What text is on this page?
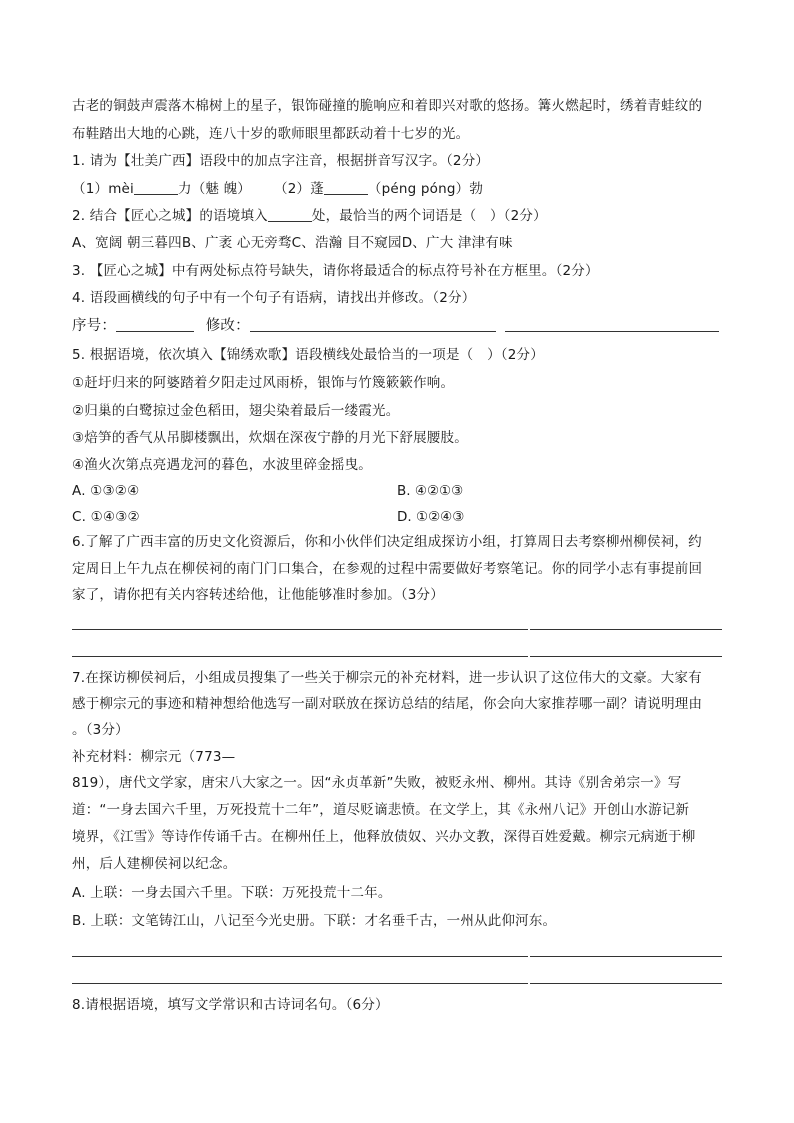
古老的铜鼓声震落木棉树上的星子，银饰碰撞的脆响应和着即兴对歌的悠扬。篝火燃起时，绣着青蛙纹的
布鞋踏出大地的心跳，连八十岁的歌师眼里都跃动着十七岁的光。
1. 请为【壮美广西】语段中的加点字注音，根据拼音写汉字。（2分）
（1）mèi	力（魅 魄） （2）蓬	（péng póng）勃
2. 结合【匠心之城】的语境填入	处，最恰当的两个词语是（　）（2分）
A、宽阔 朝三暮四B、广袤 心无旁骛C、浩瀚 目不窥园D、广大 津津有味
3. 【匠心之城】中有两处标点符号缺失，请你将最适合的标点符号补在方框里。（2分）
4. 语段画横线的句子中有一个句子有语病，请找出并修改。（2分）
序号：	修改：
5. 根据语境，依次填入【锦绣欢歌】语段横线处最恰当的一项是（　）（2分）
①赶圩归来的阿婆踏着夕阳走过风雨桥，银饰与竹篾簌簌作响。
②归巢的白鹭掠过金色稻田，翅尖染着最后一缕霞光。
③焙笋的香气从吊脚楼飘出，炊烟在深夜宁静的月光下舒展腰肢。
④渔火次第点亮遇龙河的暮色，水波里碎金摇曳。
A. ①③②④	B. ④②①③
C. ①④③②	D. ①②④③
6.了解了广西丰富的历史文化资源后，你和小伙伴们决定组成探访小组，打算周日去考察柳州柳侯祠，约
定周日上午九点在柳侯祠的南门门口集合，在参观的过程中需要做好考察笔记。你的同学小志有事提前回
家了，请你把有关内容转述给他，让他能够准时参加。（3分）
7.在探访柳侯祠后，小组成员搜集了一些关于柳宗元的补充材料，进一步认识了这位伟大的文豪。大家有
感于柳宗元的事迹和精神想给他选写一副对联放在探访总结的结尾，你会向大家推荐哪一副？请说明理由
。（3分）
补充材料：柳宗元（773—
819），唐代文学家，唐宋八大家之一。因“永贞革新”失败，被贬永州、柳州。其诗《别舍弟宗一》写
道：“一身去国六千里，万死投荒十二年”，道尽贬谪悲愤。在文学上，其《永州八记》开创山水游记新
境界，《江雪》等诗作传诵千古。在柳州任上，他释放债奴、兴办文教，深得百姓爱戴。柳宗元病逝于柳
州，后人建柳侯祠以纪念。
A. 上联：一身去国六千里。下联：万死投荒十二年。
B. 上联：文笔铸江山，八记至今光史册。下联：才名垂千古，一州从此仰河东。
8.请根据语境，填写文学常识和古诗词名句。（6分）
